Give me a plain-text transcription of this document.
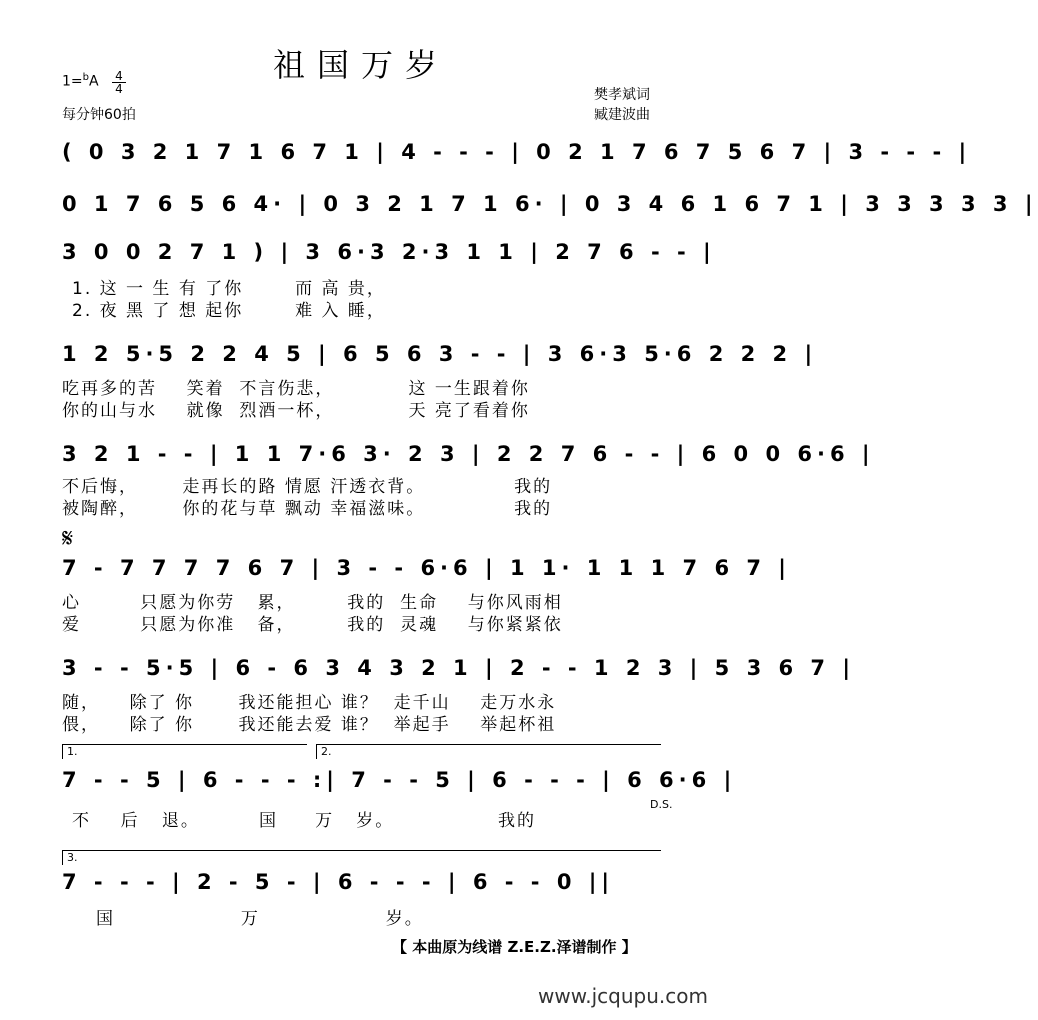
祖国万岁
1=$^b$A 4
4
每分钟60拍
樊孝斌词
臧建波曲
( 0 3 2 1 7 1 6 7 1 | 4 - - - | 0 2 1 7 6 7 5 6 7 | 3 - - - |
0 1 7 6 5 6 4· | 0 3 2 1 7 1 6· | 0 3 4 6 1 6 7 1 | 3 3 3 3 3 |
3 0 0 2 7 1 ) | 3 6·3 2·3 1 1 | 2 7 6 - - |
1. 这 一 生 有 了你       而 高 贵，
2. 夜 黑 了 想 起你       难 入 睡，
1 2 5·5 2 2 4 5 | 6 5 6 3 - - | 3 6·3 5·6 2 2 2 |
吃再多的苦    笑着  不言伤悲，          这 一生跟着你
你的山与水    就像  烈酒一杯，          天 亮了看着你
3 2 1 - - | 1 1 7·6 3· 2 3 | 2 2 7 6 - - | 6 0 0 6·6 |
不后悔，      走再长的路 情愿 汗透衣背。            我的
被陶醉，      你的花与草 飘动 幸福滋味。            我的
𝄋
7 - 7 7 7 7 6 7 | 3 - - 6·6 | 1 1· 1 1 1 7 6 7 |
心        只愿为你劳   累，       我的  生命    与你风雨相
爱        只愿为你准   备，       我的  灵魂    与你紧紧依
3 - - 5·5 | 6 - 6 3 4 3 2 1 | 2 - - 1 2 3 | 5 3 6 7 |
随，    除了 你      我还能担心 谁？  走千山    走万水永
偎，    除了 你      我还能去爱 谁？  举起手    举起杯祖
1.	2.
7 - - 5 | 6 - - - :| 7 - - 5 | 6 - - - | 6 6·6 |
D.S.
不    后   退。        国     万   岁。              我的
3.
7 - - - | 2 - 5 - | 6 - - - | 6 - - 0 ||
国                 万                 岁。
【 本曲原为线谱 Z.E.Z.泽谱制作 】
www.jcqupu.com
